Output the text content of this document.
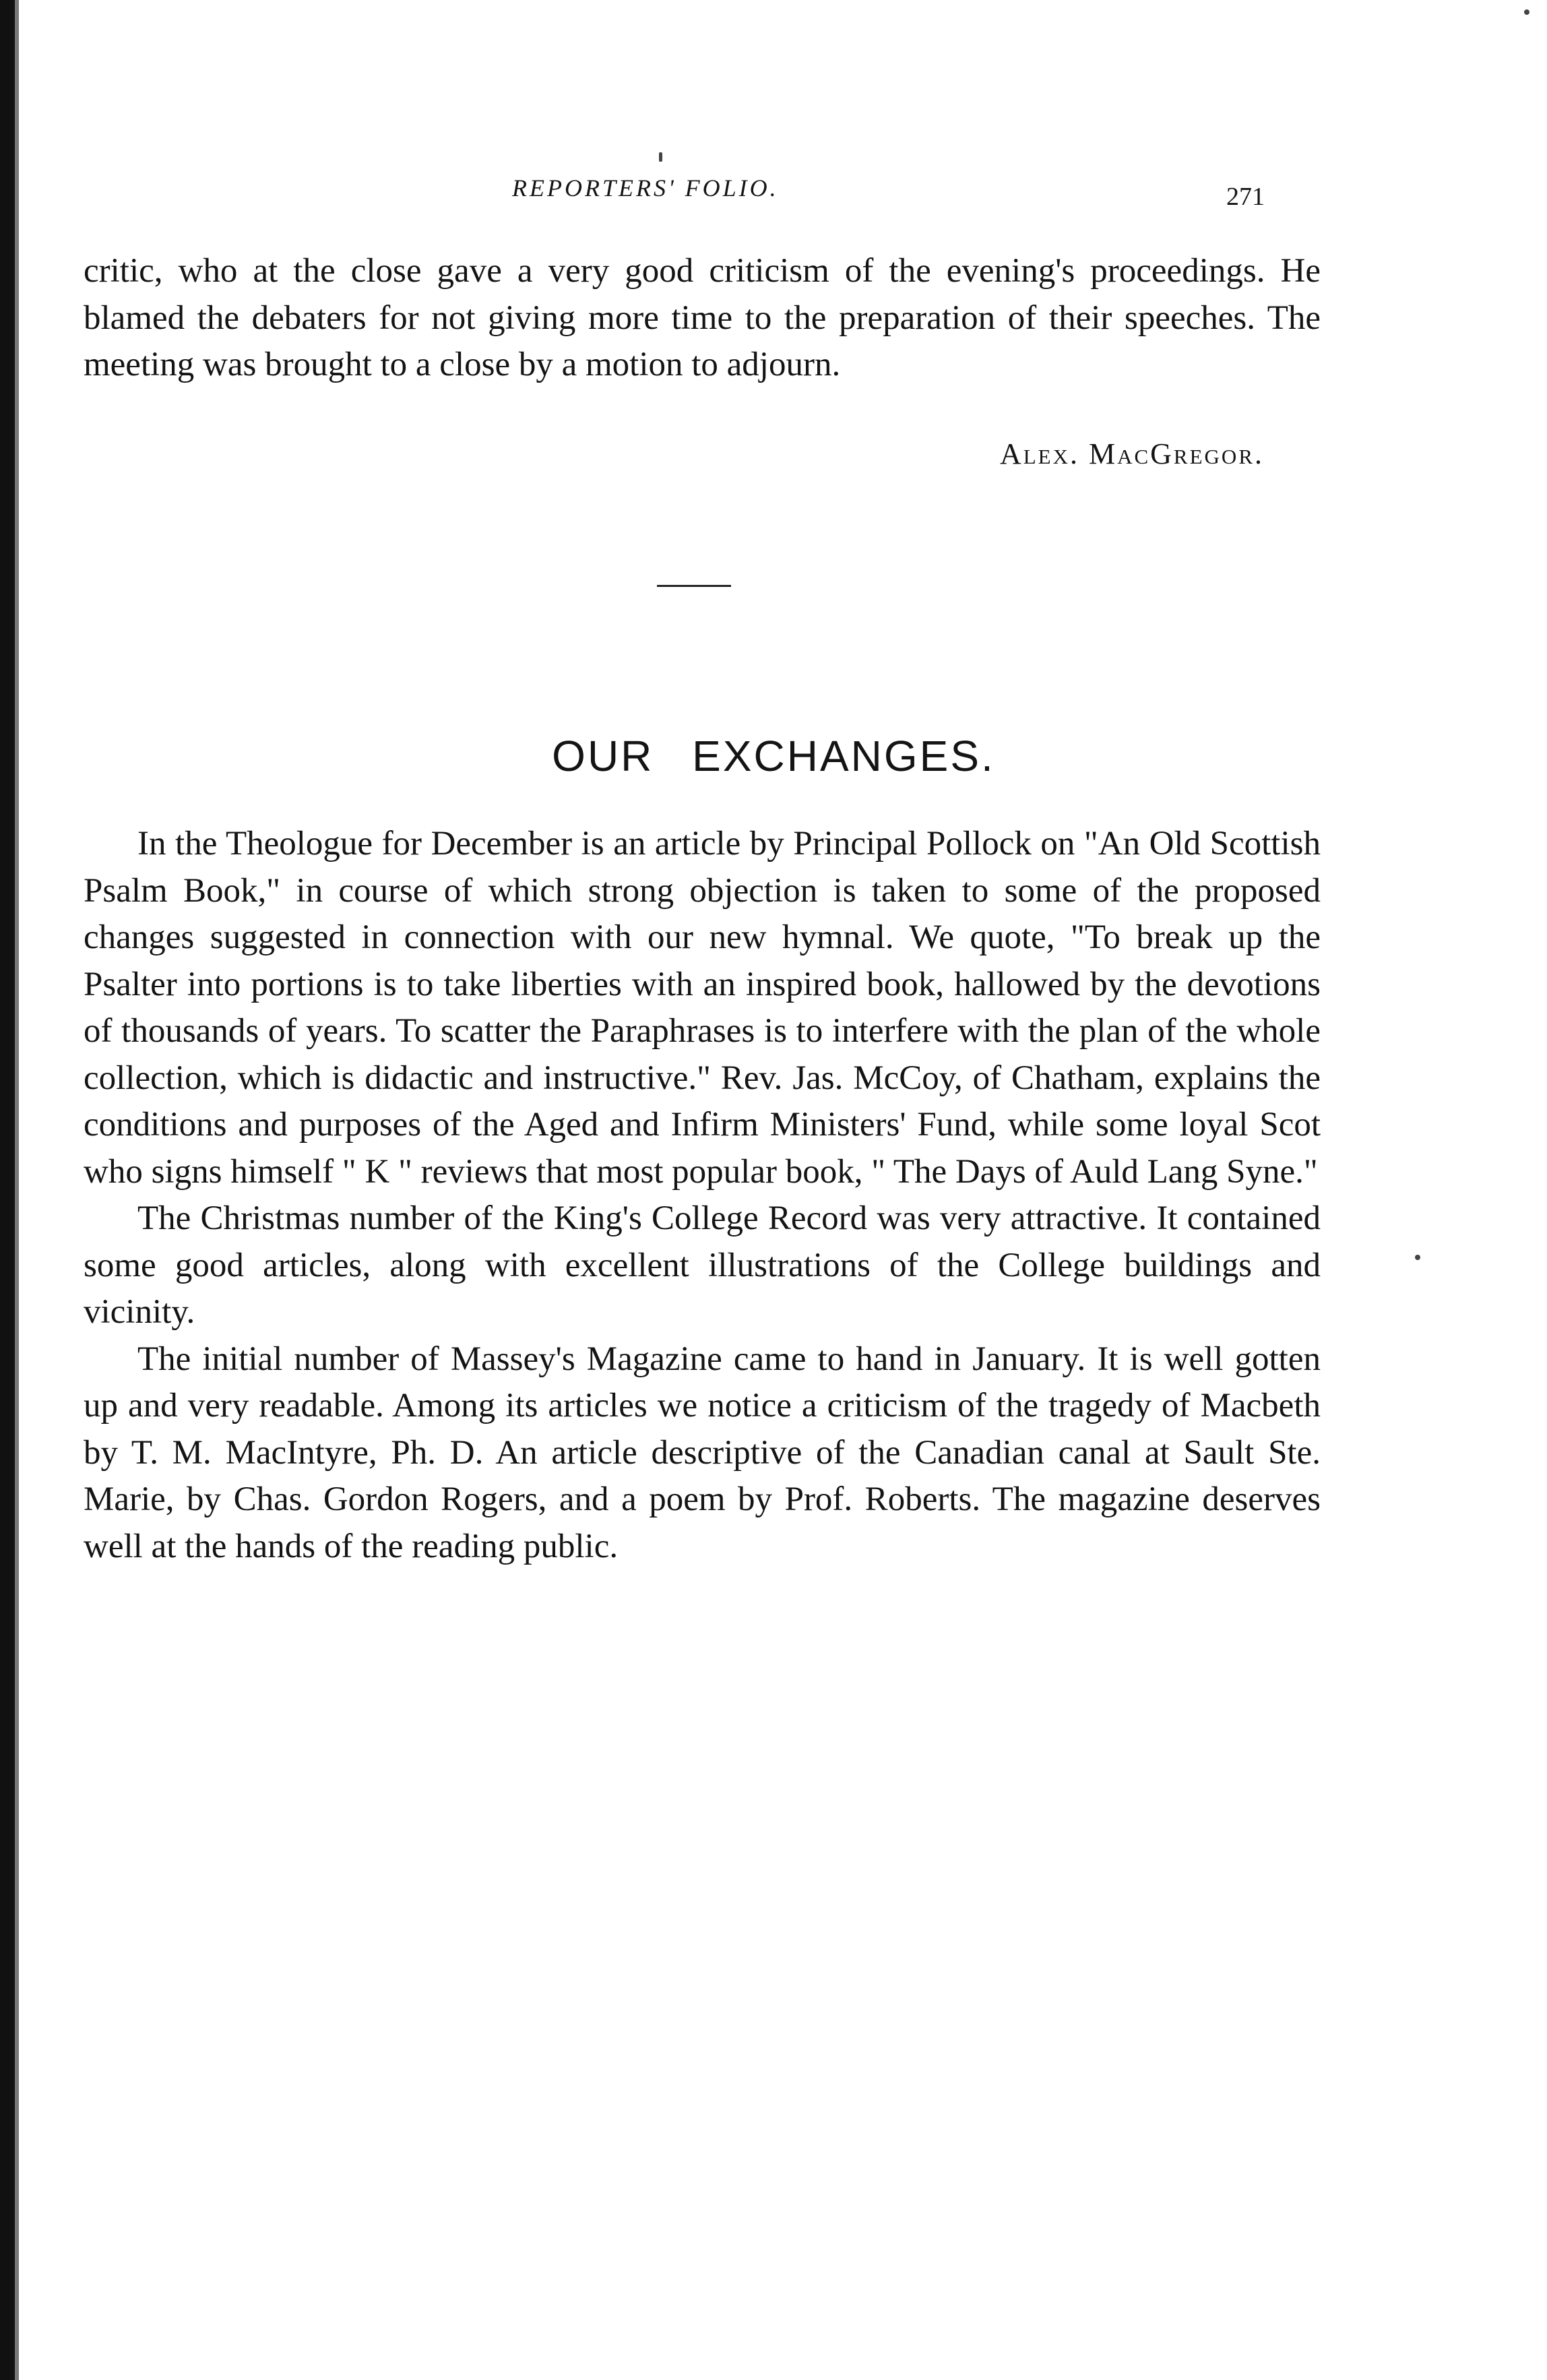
REPORTERS' FOLIO.	271

critic, who at the close gave a very good criticism of the evening's proceedings. He blamed the debaters for not giving more time to the preparation of their speeches. The meeting was brought to a close by a motion to adjourn.

Alex. MacGregor.
OUR EXCHANGES.

In the Theologue for December is an article by Principal Pollock on "An Old Scottish Psalm Book," in course of which strong objection is taken to some of the proposed changes suggested in connection with our new hymnal. We quote, "To break up the Psalter into portions is to take liberties with an inspired book, hallowed by the devotions of thousands of years. To scatter the Paraphrases is to interfere with the plan of the whole collection, which is didactic and instructive." Rev. Jas. McCoy, of Chatham, explains the conditions and purposes of the Aged and Infirm Ministers' Fund, while some loyal Scot who signs himself " K " reviews that most popular book, " The Days of Auld Lang Syne."

The Christmas number of the King's College Record was very attractive. It contained some good articles, along with excellent illustrations of the College buildings and vicinity.

The initial number of Massey's Magazine came to hand in January. It is well gotten up and very readable. Among its articles we notice a criticism of the tragedy of Macbeth by T. M. MacIntyre, Ph. D. An article descriptive of the Canadian canal at Sault Ste. Marie, by Chas. Gordon Rogers, and a poem by Prof. Roberts. The magazine deserves well at the hands of the reading public.
